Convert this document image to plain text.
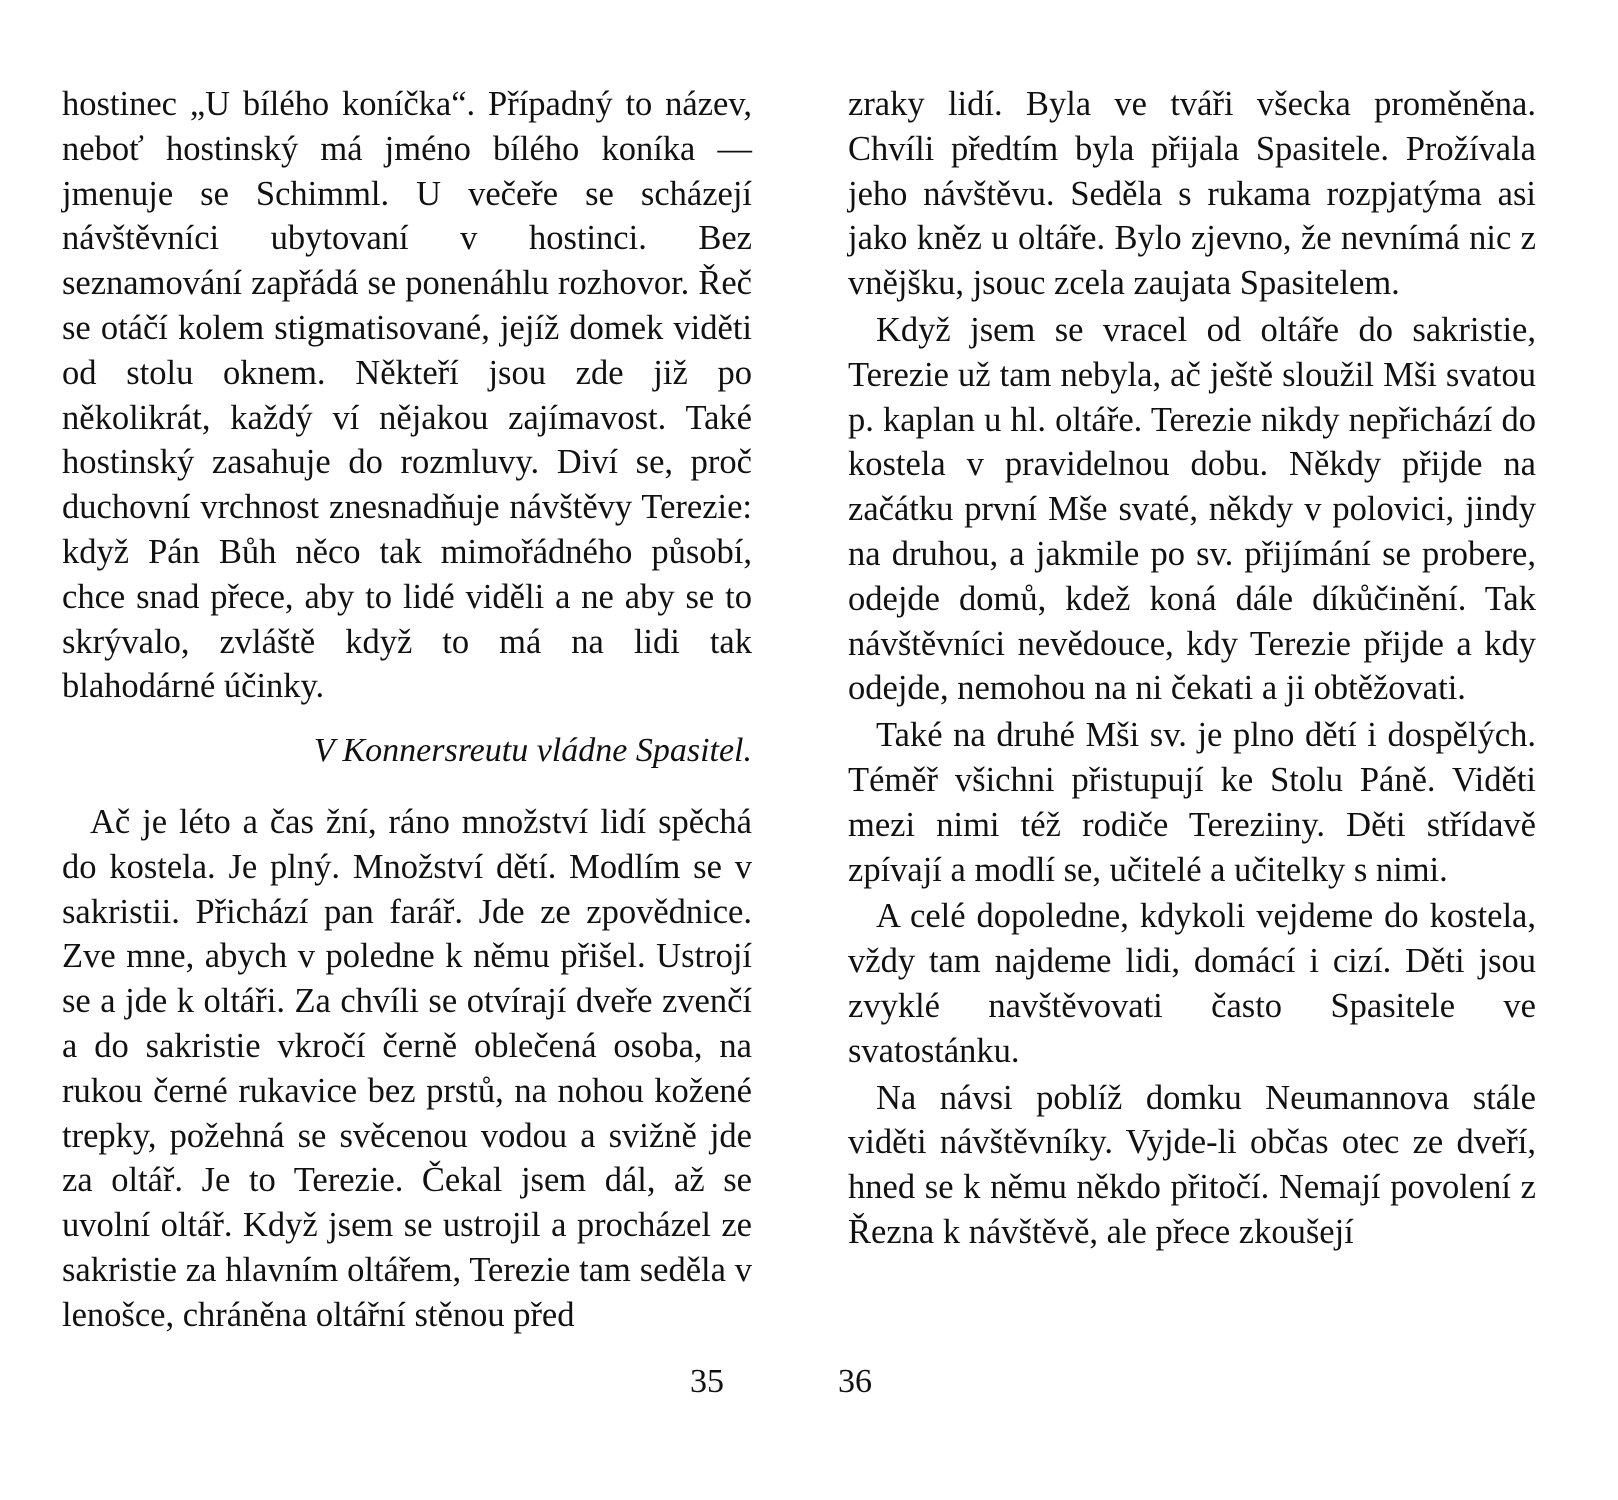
hostinec „U bílého koníčka“. Případný to název, neboť hostinský má jméno bílého koníka — jmenuje se Schimml. U večeře se scházejí návštěvníci ubytovaní v hostinci. Bez seznamování zapřádá se ponenáhlu rozhovor. Řeč se otáčí kolem stigmatisované, jejíž domek viděti od stolu oknem. Někteří jsou zde již po několikrát, každý ví nějakou zajímavost. Také hostinský zasahuje do rozmluvy. Diví se, proč duchovní vrchnost znesnadňuje návštěvy Terezie: když Pán Bůh něco tak mimořádného působí, chce snad přece, aby to lidé viděli a ne aby se to skrývalo, zvláště když to má na lidi tak blahodárné účinky.

V Konnersreutu vládne Spasitel.

Ač je léto a čas žní, ráno množství lidí spěchá do kostela. Je plný. Množství dětí. Modlím se v sakristii. Přichází pan farář. Jde ze zpovědnice. Zve mne, abych v poledne k němu přišel. Ustrojí se a jde k oltáři. Za chvíli se otvírají dveře zvenčí a do sakristie vkročí černě oblečená osoba, na rukou černé rukavice bez prstů, na nohou kožené trepky, požehná se svěcenou vodou a svižně jde za oltář. Je to Terezie. Čekal jsem dál, až se uvolní oltář. Když jsem se ustrojil a procházel ze sakristie za hlavním oltářem, Terezie tam seděla v lenošce, chráněna oltářní stěnou před

35

zraky lidí. Byla ve tváři všecka proměněna. Chvíli předtím byla přijala Spasitele. Prožívala jeho návštěvu. Seděla s rukama rozpjatýma asi jako kněz u oltáře. Bylo zjevno, že nevnímá nic z vnějšku, jsouc zcela zaujata Spasitelem.

Když jsem se vracel od oltáře do sakristie, Terezie už tam nebyla, ač ještě sloužil Mši svatou p. kaplan u hl. oltáře. Terezie nikdy nepřichází do kostela v pravidelnou dobu. Někdy přijde na začátku první Mše svaté, někdy v polovici, jindy na druhou, a jakmile po sv. přijímání se probere, odejde domů, kdež koná dále díkůčinění. Tak návštěvníci nevědouce, kdy Terezie přijde a kdy odejde, nemohou na ni čekati a ji obtěžovati.

Také na druhé Mši sv. je plno dětí i dospělých. Téměř všichni přistupují ke Stolu Páně. Viděti mezi nimi též rodiče Tereziiny. Děti střídavě zpívají a modlí se, učitelé a učitelky s nimi.

A celé dopoledne, kdykoli vejdeme do kostela, vždy tam najdeme lidi, domácí i cizí. Děti jsou zvyklé navštěvovati často Spasitele ve svatostánku.

Na návsi poblíž domku Neumannova stále viděti návštěvníky. Vyjde-li občas otec ze dveří, hned se k němu někdo přitočí. Nemají povolení z Řezna k návštěvě, ale přece zkoušejí

36
